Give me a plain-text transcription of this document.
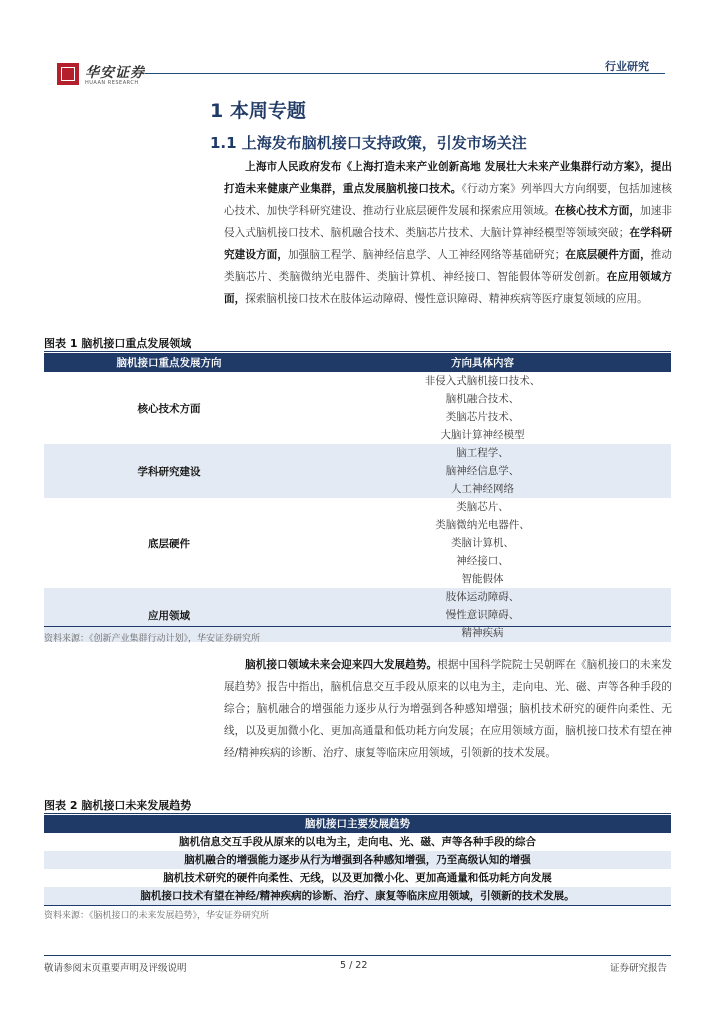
华安证券
HUAAN RESEARCH
行业研究
1 本周专题
1.1 上海发布脑机接口支持政策，引发市场关注
上海市人民政府发布《上海打造未来产业创新高地 发展壮大未来产业集群行动方案》，提出打造未来健康产业集群，重点发展脑机接口技术。《行动方案》列举四大方向纲要，包括加速核心技术、加快学科研究建设、推动行业底层硬件发展和探索应用领域。在核心技术方面，加速非侵入式脑机接口技术、脑机融合技术、类脑芯片技术、大脑计算神经模型等领域突破；在学科研究建设方面，加强脑工程学、脑神经信息学、人工神经网络等基础研究；在底层硬件方面，推动类脑芯片、类脑微纳光电器件、类脑计算机、神经接口、智能假体等研发创新。在应用领域方面，探索脑机接口技术在肢体运动障碍、慢性意识障碍、精神疾病等医疗康复领域的应用。
图表 1 脑机接口重点发展领域
脑机接口重点发展方向	方向具体内容
核心技术方面	非侵入式脑机接口技术、
脑机融合技术、
类脑芯片技术、
大脑计算神经模型

学科研究建设	脑工程学、
脑神经信息学、
人工神经网络

底层硬件	类脑芯片、
类脑微纳光电器件、
类脑计算机、
神经接口、
智能假体

应用领域	肢体运动障碍、
慢性意识障碍、
精神疾病
资料来源：《创新产业集群行动计划》，华安证券研究所
脑机接口领域未来会迎来四大发展趋势。根据中国科学院院士吴朝晖在《脑机接口的未来发展趋势》报告中指出，脑机信息交互手段从原来的以电为主，走向电、光、磁、声等各种手段的综合；脑机融合的增强能力逐步从行为增强到各种感知增强；脑机技术研究的硬件向柔性、无线，以及更加微小化、更加高通量和低功耗方向发展；在应用领域方面，脑机接口技术有望在神经/精神疾病的诊断、治疗、康复等临床应用领域，引领新的技术发展。
图表 2 脑机接口未来发展趋势
脑机接口主要发展趋势
脑机信息交互手段从原来的以电为主，走向电、光、磁、声等各种手段的综合
脑机融合的增强能力逐步从行为增强到各种感知增强，乃至高级认知的增强
脑机技术研究的硬件向柔性、无线，以及更加微小化、更加高通量和低功耗方向发展
脑机接口技术有望在神经/精神疾病的诊断、治疗、康复等临床应用领域，引领新的技术发展。
资料来源：《脑机接口的未来发展趋势》，华安证券研究所
敬请参阅末页重要声明及评级说明	5 / 22	证券研究报告
